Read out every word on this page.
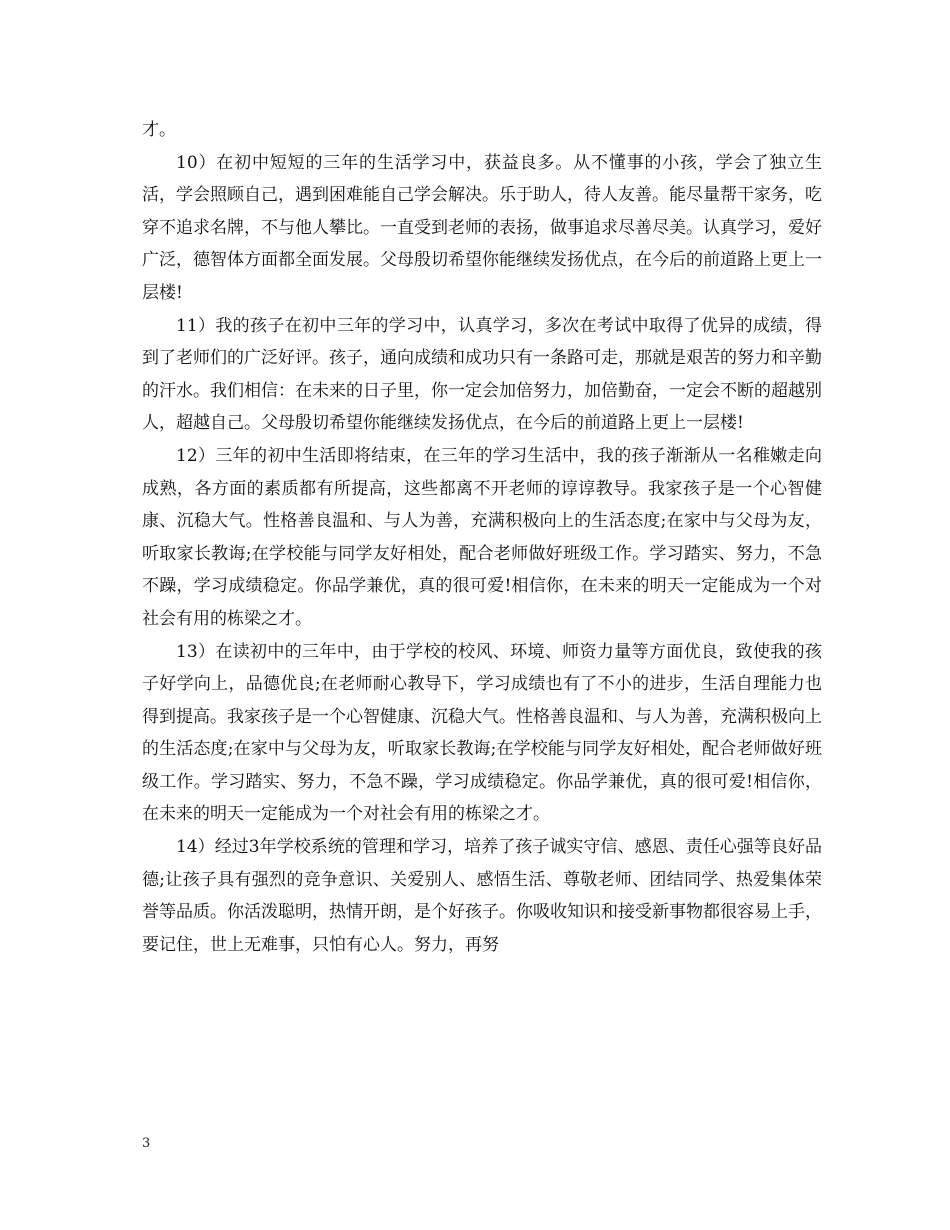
才。

10）在初中短短的三年的生活学习中，获益良多。从不懂事的小孩，学会了独立生活，学会照顾自己，遇到困难能自己学会解决。乐于助人，待人友善。能尽量帮干家务，吃穿不追求名牌，不与他人攀比。一直受到老师的表扬，做事追求尽善尽美。认真学习，爱好广泛，德智体方面都全面发展。父母殷切希望你能继续发扬优点，在今后的前道路上更上一层楼!

11）我的孩子在初中三年的学习中，认真学习，多次在考试中取得了优异的成绩，得到了老师们的广泛好评。孩子，通向成绩和成功只有一条路可走，那就是艰苦的努力和辛勤的汗水。我们相信：在未来的日子里，你一定会加倍努力，加倍勤奋，一定会不断的超越别人，超越自己。父母殷切希望你能继续发扬优点，在今后的前道路上更上一层楼!

12）三年的初中生活即将结束，在三年的学习生活中，我的孩子渐渐从一名稚嫩走向成熟，各方面的素质都有所提高，这些都离不开老师的谆谆教导。我家孩子是一个心智健康、沉稳大气。性格善良温和、与人为善，充满积极向上的生活态度;在家中与父母为友，听取家长教诲;在学校能与同学友好相处，配合老师做好班级工作。学习踏实、努力，不急不躁，学习成绩稳定。你品学兼优，真的很可爱!相信你，在未来的明天一定能成为一个对社会有用的栋梁之才。

13）在读初中的三年中，由于学校的校风、环境、师资力量等方面优良，致使我的孩子好学向上，品德优良;在老师耐心教导下，学习成绩也有了不小的进步，生活自理能力也得到提高。我家孩子是一个心智健康、沉稳大气。性格善良温和、与人为善，充满积极向上的生活态度;在家中与父母为友，听取家长教诲;在学校能与同学友好相处，配合老师做好班级工作。学习踏实、努力，不急不躁，学习成绩稳定。你品学兼优，真的很可爱!相信你，在未来的明天一定能成为一个对社会有用的栋梁之才。

14）经过3年学校系统的管理和学习，培养了孩子诚实守信、感恩、责任心强等良好品德;让孩子具有强烈的竞争意识、关爱别人、感悟生活、尊敬老师、团结同学、热爱集体荣誉等品质。你活泼聪明，热情开朗，是个好孩子。你吸收知识和接受新事物都很容易上手，要记住，世上无难事，只怕有心人。努力，再努

3
